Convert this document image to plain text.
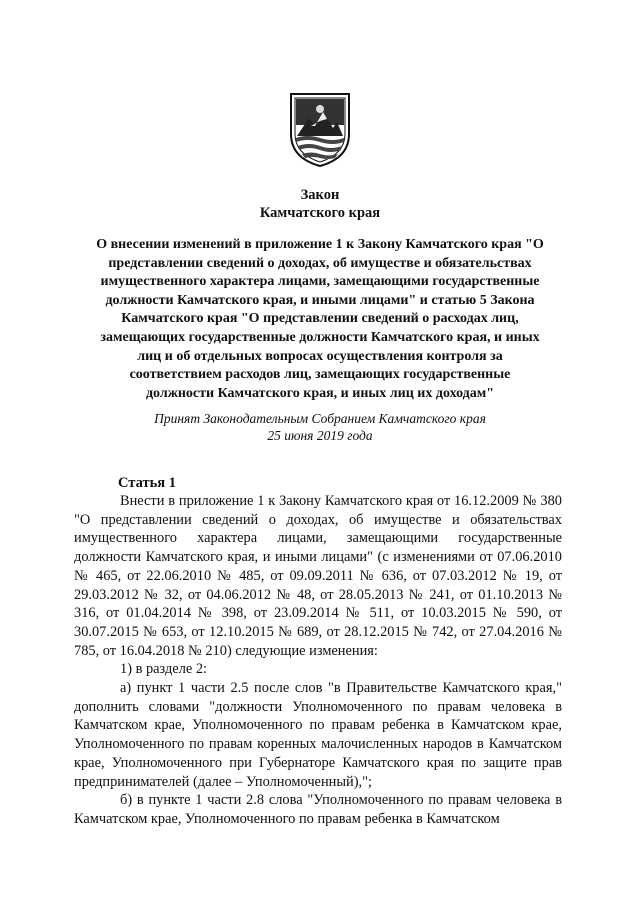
Закон
Камчатского края
О внесении изменений в приложение 1 к Закону Камчатского края "О представлении сведений о доходах, об имуществе и обязательствах имущественного характера лицами, замещающими государственные должности Камчатского края, и иными лицами" и статью 5 Закона Камчатского края "О представлении сведений о расходах лиц, замещающих государственные должности Камчатского края, и иных лиц и об отдельных вопросах осуществления контроля за соответствием расходов лиц, замещающих государственные должности Камчатского края, и иных лиц их доходам"
Принят Законодательным Собранием Камчатского края
25 июня 2019 года
Статья 1

Внести в приложение 1 к Закону Камчатского края от 16.12.2009 № 380 "О представлении сведений о доходах, об имуществе и обязательствах имущественного характера лицами, замещающими государственные должности Камчатского края, и иными лицами" (с изменениями от 07.06.2010 № 465, от 22.06.2010 № 485, от 09.09.2011 № 636, от 07.03.2012 № 19, от 29.03.2012 № 32, от 04.06.2012 № 48, от 28.05.2013 № 241, от 01.10.2013 № 316, от 01.04.2014 № 398, от 23.09.2014 № 511, от 10.03.2015 № 590, от 30.07.2015 № 653, от 12.10.2015 № 689, от 28.12.2015 № 742, от 27.04.2016 № 785, от 16.04.2018 № 210) следующие изменения:

1) в разделе 2:

а) пункт 1 части 2.5 после слов "в Правительстве Камчатского края," дополнить словами "должности Уполномоченного по правам человека в Камчатском крае, Уполномоченного по правам ребенка в Камчатском крае, Уполномоченного по правам коренных малочисленных народов в Камчатском крае, Уполномоченного при Губернаторе Камчатского края по защите прав предпринимателей (далее – Уполномоченный),";

б) в пункте 1 части 2.8 слова "Уполномоченного по правам человека в Камчатском крае, Уполномоченного по правам ребенка в Камчатском
